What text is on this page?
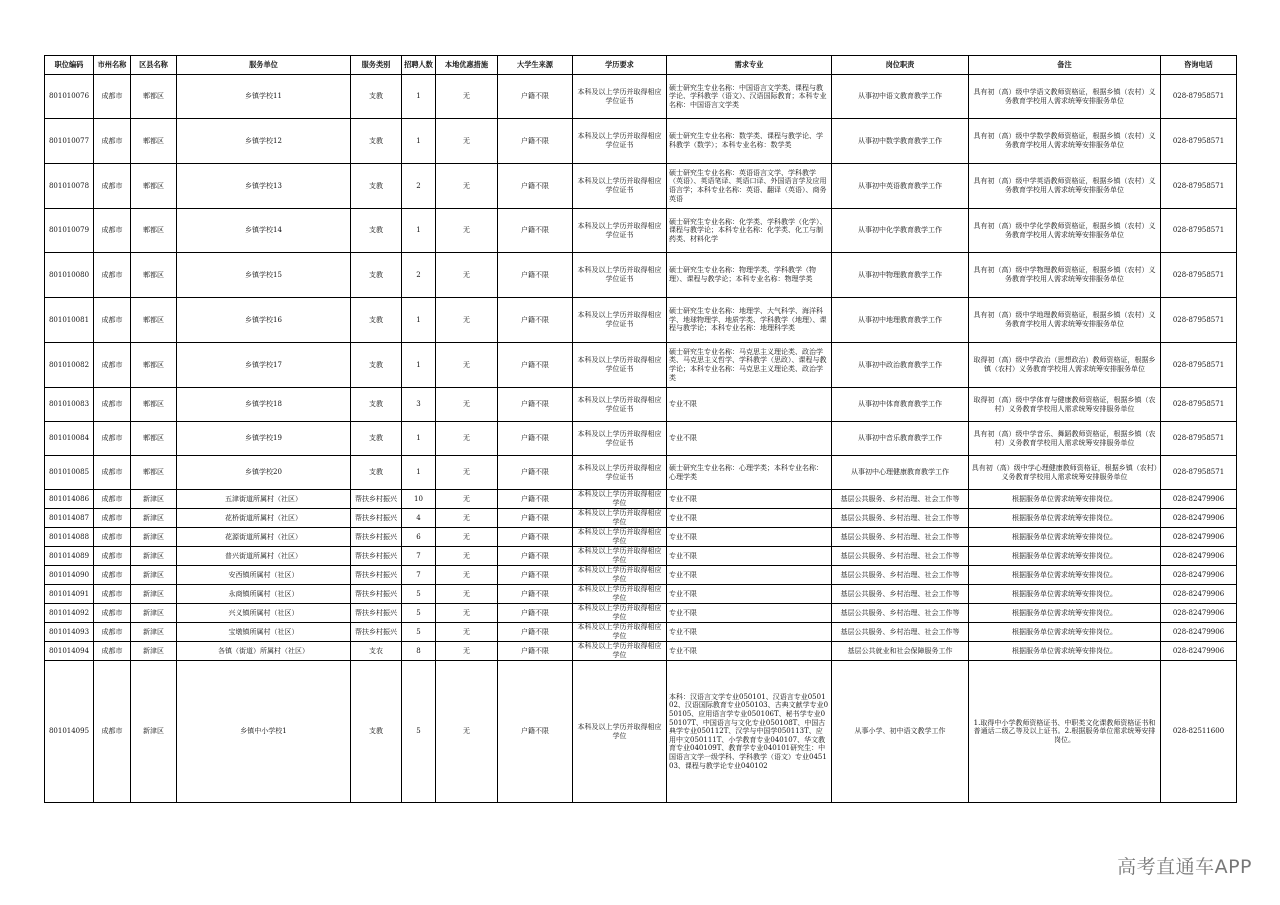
职位编码	市州名称	区县名称	服务单位	服务类别	招聘人数	本地优惠措施	大学生来源	学历要求	需求专业	岗位职责	备注	咨询电话
801010076	成都市	郫都区	乡镇学校11	支教	1	无	户籍不限	本科及以上学历并取得相应学位证书	硕士研究生专业名称：中国语言文学类、课程与教学论、学科教学（语文）、汉语国际教育；本科专业名称：中国语言文学类	从事初中语文教育教学工作	具有初（高）级中学语文教师资格证，根据乡镇（农村）义务教育学校用人需求统筹安排服务单位	028-87958571
801010077	成都市	郫都区	乡镇学校12	支教	1	无	户籍不限	本科及以上学历并取得相应学位证书	硕士研究生专业名称：数学类、课程与教学论、学科教学（数学）；本科专业名称：数学类	从事初中数学教育教学工作	具有初（高）级中学数学教师资格证，根据乡镇（农村）义务教育学校用人需求统筹安排服务单位	028-87958571
801010078	成都市	郫都区	乡镇学校13	支教	2	无	户籍不限	本科及以上学历并取得相应学位证书	硕士研究生专业名称：英语语言文学、学科教学（英语）、英语笔译、英语口译、外国语言学及应用语言学；本科专业名称：英语、翻译（英语）、商务英语	从事初中英语教育教学工作	具有初（高）级中学英语教师资格证，根据乡镇（农村）义务教育学校用人需求统筹安排服务单位	028-87958571
801010079	成都市	郫都区	乡镇学校14	支教	1	无	户籍不限	本科及以上学历并取得相应学位证书	硕士研究生专业名称：化学类、学科教学（化学）、课程与教学论；本科专业名称：化学类、化工与制药类、材料化学	从事初中化学教育教学工作	具有初（高）级中学化学教师资格证，根据乡镇（农村）义务教育学校用人需求统筹安排服务单位	028-87958571
801010080	成都市	郫都区	乡镇学校15	支教	2	无	户籍不限	本科及以上学历并取得相应学位证书	硕士研究生专业名称：物理学类、学科教学（物理）、课程与教学论；本科专业名称：物理学类	从事初中物理教育教学工作	具有初（高）级中学物理教师资格证，根据乡镇（农村）义务教育学校用人需求统筹安排服务单位	028-87958571
801010081	成都市	郫都区	乡镇学校16	支教	1	无	户籍不限	本科及以上学历并取得相应学位证书	硕士研究生专业名称：地理学、大气科学、海洋科学、地球物理学、地质学类、学科教学（地理）、课程与教学论；本科专业名称：地理科学类	从事初中地理教育教学工作	具有初（高）级中学地理教师资格证，根据乡镇（农村）义务教育学校用人需求统筹安排服务单位	028-87958571
801010082	成都市	郫都区	乡镇学校17	支教	1	无	户籍不限	本科及以上学历并取得相应学位证书	硕士研究生专业名称：马克思主义理论类、政治学类、马克思主义哲学、学科教学（思政）、课程与教学论；本科专业名称：马克思主义理论类、政治学类	从事初中政治教育教学工作	取得初（高）级中学政治（思想政治）教师资格证，根据乡镇（农村）义务教育学校用人需求统筹安排服务单位	028-87958571
801010083	成都市	郫都区	乡镇学校18	支教	3	无	户籍不限	本科及以上学历并取得相应学位证书	专业不限	从事初中体育教育教学工作	取得初（高）级中学体育与健康教师资格证，根据乡镇（农村）义务教育学校用人需求统筹安排服务单位	028-87958571
801010084	成都市	郫都区	乡镇学校19	支教	1	无	户籍不限	本科及以上学历并取得相应学位证书	专业不限	从事初中音乐教育教学工作	具有初（高）级中学音乐、舞蹈教师资格证，根据乡镇（农村）义务教育学校用人需求统筹安排服务单位	028-87958571
801010085	成都市	郫都区	乡镇学校20	支教	1	无	户籍不限	本科及以上学历并取得相应学位证书	硕士研究生专业名称：心理学类；本科专业名称：心理学类	从事初中心理健康教育教学工作	具有初（高）级中学心理健康教师资格证，根据乡镇（农村）义务教育学校用人需求统筹安排服务单位	028-87958571
801014086	成都市	新津区	五津街道所属村（社区）	帮扶乡村振兴	10	无	户籍不限	本科及以上学历并取得相应学位	专业不限	基层公共服务、乡村治理、社会工作等	根据服务单位需求统筹安排岗位。	028-82479906
801014087	成都市	新津区	花桥街道所属村（社区）	帮扶乡村振兴	4	无	户籍不限	本科及以上学历并取得相应学位	专业不限	基层公共服务、乡村治理、社会工作等	根据服务单位需求统筹安排岗位。	028-82479906
801014088	成都市	新津区	花源街道所属村（社区）	帮扶乡村振兴	6	无	户籍不限	本科及以上学历并取得相应学位	专业不限	基层公共服务、乡村治理、社会工作等	根据服务单位需求统筹安排岗位。	028-82479906
801014089	成都市	新津区	普兴街道所属村（社区）	帮扶乡村振兴	7	无	户籍不限	本科及以上学历并取得相应学位	专业不限	基层公共服务、乡村治理、社会工作等	根据服务单位需求统筹安排岗位。	028-82479906
801014090	成都市	新津区	安西镇所属村（社区）	帮扶乡村振兴	7	无	户籍不限	本科及以上学历并取得相应学位	专业不限	基层公共服务、乡村治理、社会工作等	根据服务单位需求统筹安排岗位。	028-82479906
801014091	成都市	新津区	永商镇所属村（社区）	帮扶乡村振兴	5	无	户籍不限	本科及以上学历并取得相应学位	专业不限	基层公共服务、乡村治理、社会工作等	根据服务单位需求统筹安排岗位。	028-82479906
801014092	成都市	新津区	兴义镇所属村（社区）	帮扶乡村振兴	5	无	户籍不限	本科及以上学历并取得相应学位	专业不限	基层公共服务、乡村治理、社会工作等	根据服务单位需求统筹安排岗位。	028-82479906
801014093	成都市	新津区	宝墩镇所属村（社区）	帮扶乡村振兴	5	无	户籍不限	本科及以上学历并取得相应学位	专业不限	基层公共服务、乡村治理、社会工作等	根据服务单位需求统筹安排岗位。	028-82479906
801014094	成都市	新津区	各镇（街道）所属村（社区）	支农	8	无	户籍不限	本科及以上学历并取得相应学位	专业不限	基层公共就业和社会保障服务工作	根据服务单位需求统筹安排岗位。	028-82479906
801014095	成都市	新津区	乡镇中小学校1	支教	5	无	户籍不限	本科及以上学历并取得相应学位	本科：汉语言文学专业050101、汉语言专业050102、汉语国际教育专业050103、古典文献学专业050105、应用语言学专业050106T、秘书学专业050107T、中国语言与文化专业050108T、中国古典学专业050112T、汉学与中国学050113T、应用中文050111T、小学教育专业040107、华文教育专业040109T、教育学专业040101研究生：中国语言文学一级学科、学科教学（语文）专业045103、课程与教学论专业040102	从事小学、初中语文教学工作	1.取得中小学教师资格证书、中职类文化课教师资格证书和普通话二级乙等及以上证书。2.根据服务单位需求统筹安排岗位。	028-82511600
高考直通车APP
